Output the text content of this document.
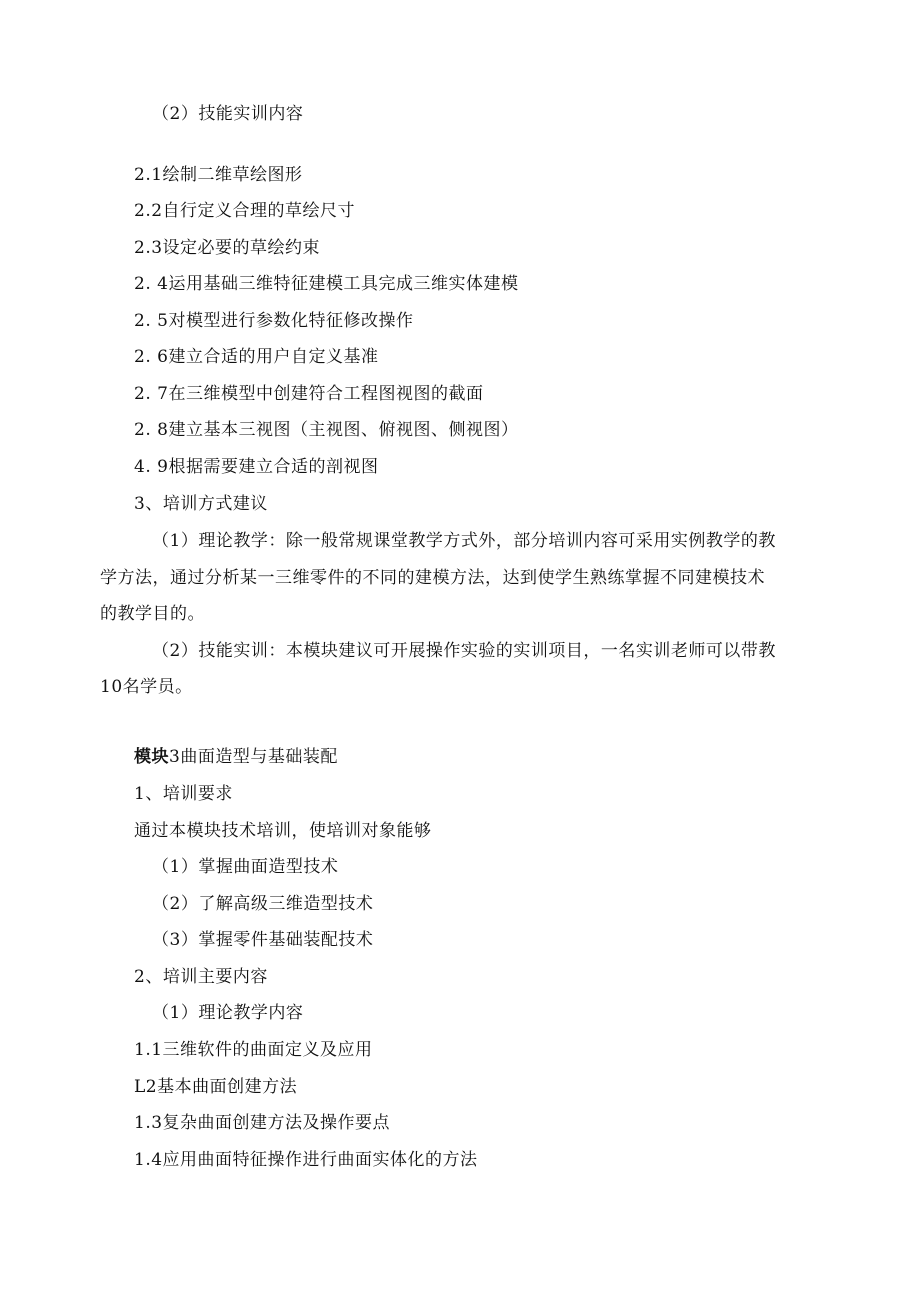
（2）技能实训内容
2.1绘制二维草绘图形
2.2自行定义合理的草绘尺寸
2.3设定必要的草绘约束
2. 4运用基础三维特征建模工具完成三维实体建模
2. 5对模型进行参数化特征修改操作
2. 6建立合适的用户自定义基准
2. 7在三维模型中创建符合工程图视图的截面
2. 8建立基本三视图（主视图、俯视图、侧视图）
4. 9根据需要建立合适的剖视图
3、培训方式建议
（1）理论教学：除一般常规课堂教学方式外，部分培训内容可采用实例教学的教
学方法，通过分析某一三维零件的不同的建模方法，达到使学生熟练掌握不同建模技术
的教学目的。
（2）技能实训：本模块建议可开展操作实验的实训项目，一名实训老师可以带教
10名学员。
模块3曲面造型与基础装配
1、培训要求
通过本模块技术培训，使培训对象能够
（1）掌握曲面造型技术
（2）了解高级三维造型技术
（3）掌握零件基础装配技术
2、培训主要内容
（1）理论教学内容
1.1三维软件的曲面定义及应用
L2基本曲面创建方法
1.3复杂曲面创建方法及操作要点
1.4应用曲面特征操作进行曲面实体化的方法
